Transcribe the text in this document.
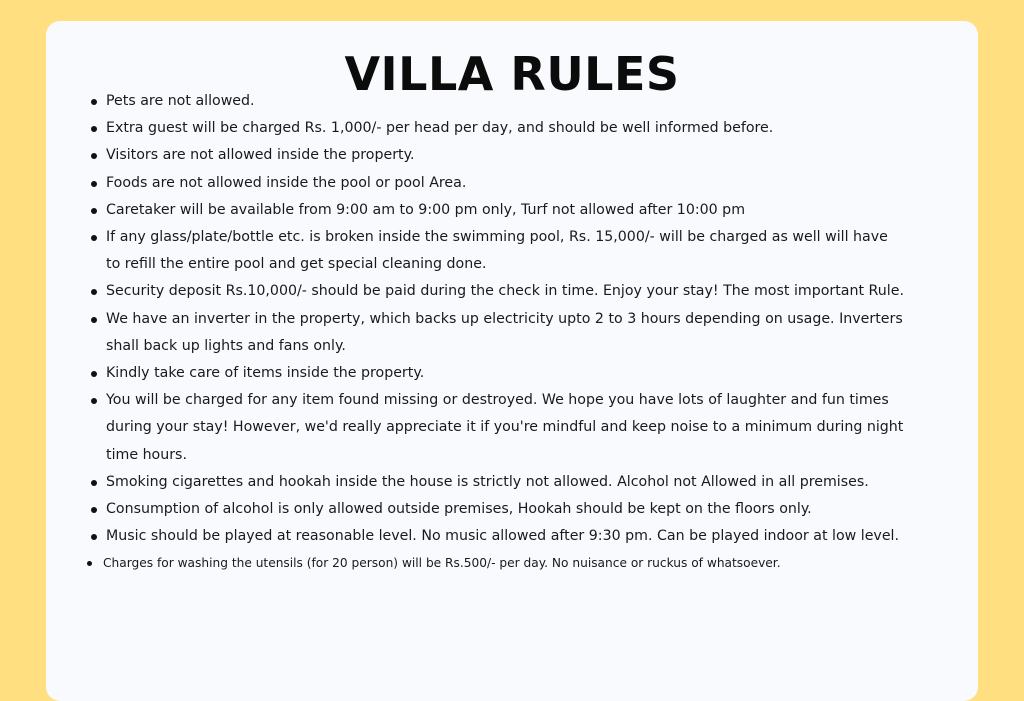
VILLA RULES
Pets are not allowed.
Extra guest will be charged Rs. 1,000/- per head per day, and should be well informed before.
Visitors are not allowed inside the property.
Foods are not allowed inside the pool or pool Area.
Caretaker will be available from 9:00 am to 9:00 pm only, Turf not allowed after 10:00 pm
If any glass/plate/bottle etc. is broken inside the swimming pool, Rs. 15,000/- will be charged as well will have to refill the entire pool and get special cleaning done.
Security deposit Rs.10,000/- should be paid during the check in time. Enjoy your stay! The most important Rule.
We have an inverter in the property, which backs up electricity upto 2 to 3 hours depending on usage. Inverters shall back up lights and fans only.
Kindly take care of items inside the property.
You will be charged for any item found missing or destroyed. We hope you have lots of laughter and fun times during your stay! However, we'd really appreciate it if you're mindful and keep noise to a minimum during night time hours.
Smoking cigarettes and hookah inside the house is strictly not allowed. Alcohol not Allowed in all premises.
Consumption of alcohol is only allowed outside premises, Hookah should be kept on the floors only.
Music should be played at reasonable level. No music allowed after 9:30 pm. Can be played indoor at low level.
Charges for washing the utensils (for 20 person) will be Rs.500/- per day. No nuisance or ruckus of whatsoever.
